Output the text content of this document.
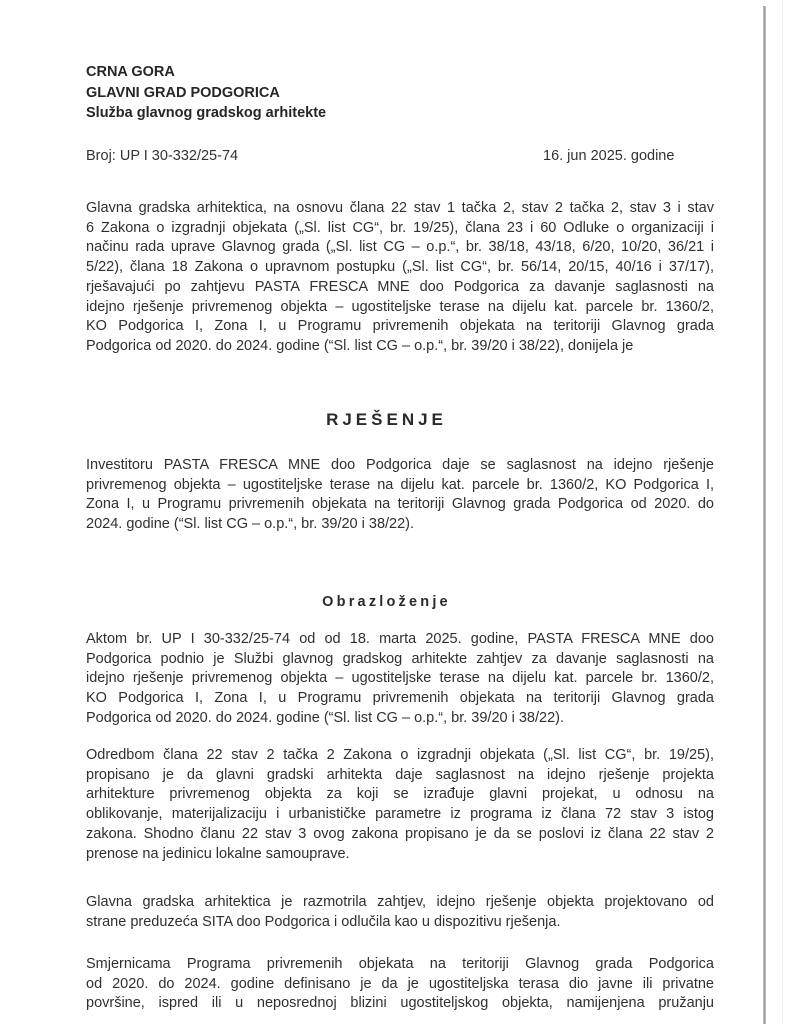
CRNA GORA
GLAVNI GRAD PODGORICA
Služba glavnog gradskog arhitekte
Broj: UP I 30-332/25-74	16. jun 2025. godine
Glavna gradska arhitektica, na osnovu člana 22 stav 1 tačka 2, stav 2 tačka 2, stav 3 i stav
6 Zakona o izgradnji objekata („Sl. list CG“, br. 19/25), člana 23 i 60 Odluke o organizaciji i
načinu rada uprave Glavnog grada („Sl. list CG – o.p.“, br. 38/18, 43/18, 6/20, 10/20, 36/21 i
5/22), člana 18 Zakona o upravnom postupku („Sl. list CG“, br. 56/14, 20/15, 40/16 i 37/17),
rješavajući po zahtjevu PASTA FRESCA MNE doo Podgorica za davanje saglasnosti na
idejno rješenje privremenog objekta – ugostiteljske terase na dijelu kat. parcele br. 1360/2,
KO Podgorica I, Zona I, u Programu privremenih objekata na teritoriji Glavnog grada
Podgorica od 2020. do 2024. godine (“Sl. list CG – o.p.“, br. 39/20 i 38/22), donijela je
RJEŠENJE
Investitoru PASTA FRESCA MNE doo Podgorica daje se saglasnost na idejno rješenje
privremenog objekta – ugostiteljske terase na dijelu kat. parcele br. 1360/2, KO Podgorica I,
Zona I, u Programu privremenih objekata na teritoriji Glavnog grada Podgorica od 2020. do
2024. godine (“Sl. list CG – o.p.“, br. 39/20 i 38/22).
Obrazloženje
Aktom br. UP I 30-332/25-74 od od 18. marta 2025. godine, PASTA FRESCA MNE doo
Podgorica podnio je Službi glavnog gradskog arhitekte zahtjev za davanje saglasnosti na
idejno rješenje privremenog objekta – ugostiteljske terase na dijelu kat. parcele br. 1360/2,
KO Podgorica I, Zona I, u Programu privremenih objekata na teritoriji Glavnog grada
Podgorica od 2020. do 2024. godine (“Sl. list CG – o.p.“, br. 39/20 i 38/22).
Odredbom člana 22 stav 2 tačka 2 Zakona o izgradnji objekata („Sl. list CG“, br. 19/25),
propisano je da glavni gradski arhitekta daje saglasnost na idejno rješenje projekta
arhitekture privremenog objekta za koji se izrađuje glavni projekat, u odnosu na
oblikovanje, materijalizaciju i urbanističke parametre iz programa iz člana 72 stav 3 istog
zakona. Shodno članu 22 stav 3 ovog zakona propisano je da se poslovi iz člana 22 stav 2
prenose na jedinicu lokalne samouprave.
Glavna gradska arhitektica je razmotrila zahtjev, idejno rješenje objekta projektovano od
strane preduzeća SITA doo Podgorica i odlučila kao u dispozitivu rješenja.
Smjernicama Programa privremenih objekata na teritoriji Glavnog grada Podgorica
od 2020. do 2024. godine definisano je da je ugostiteljska terasa dio javne ili privatne
površine, ispred ili u neposrednoj blizini ugostiteljskog objekta, namijenjena pružanju
